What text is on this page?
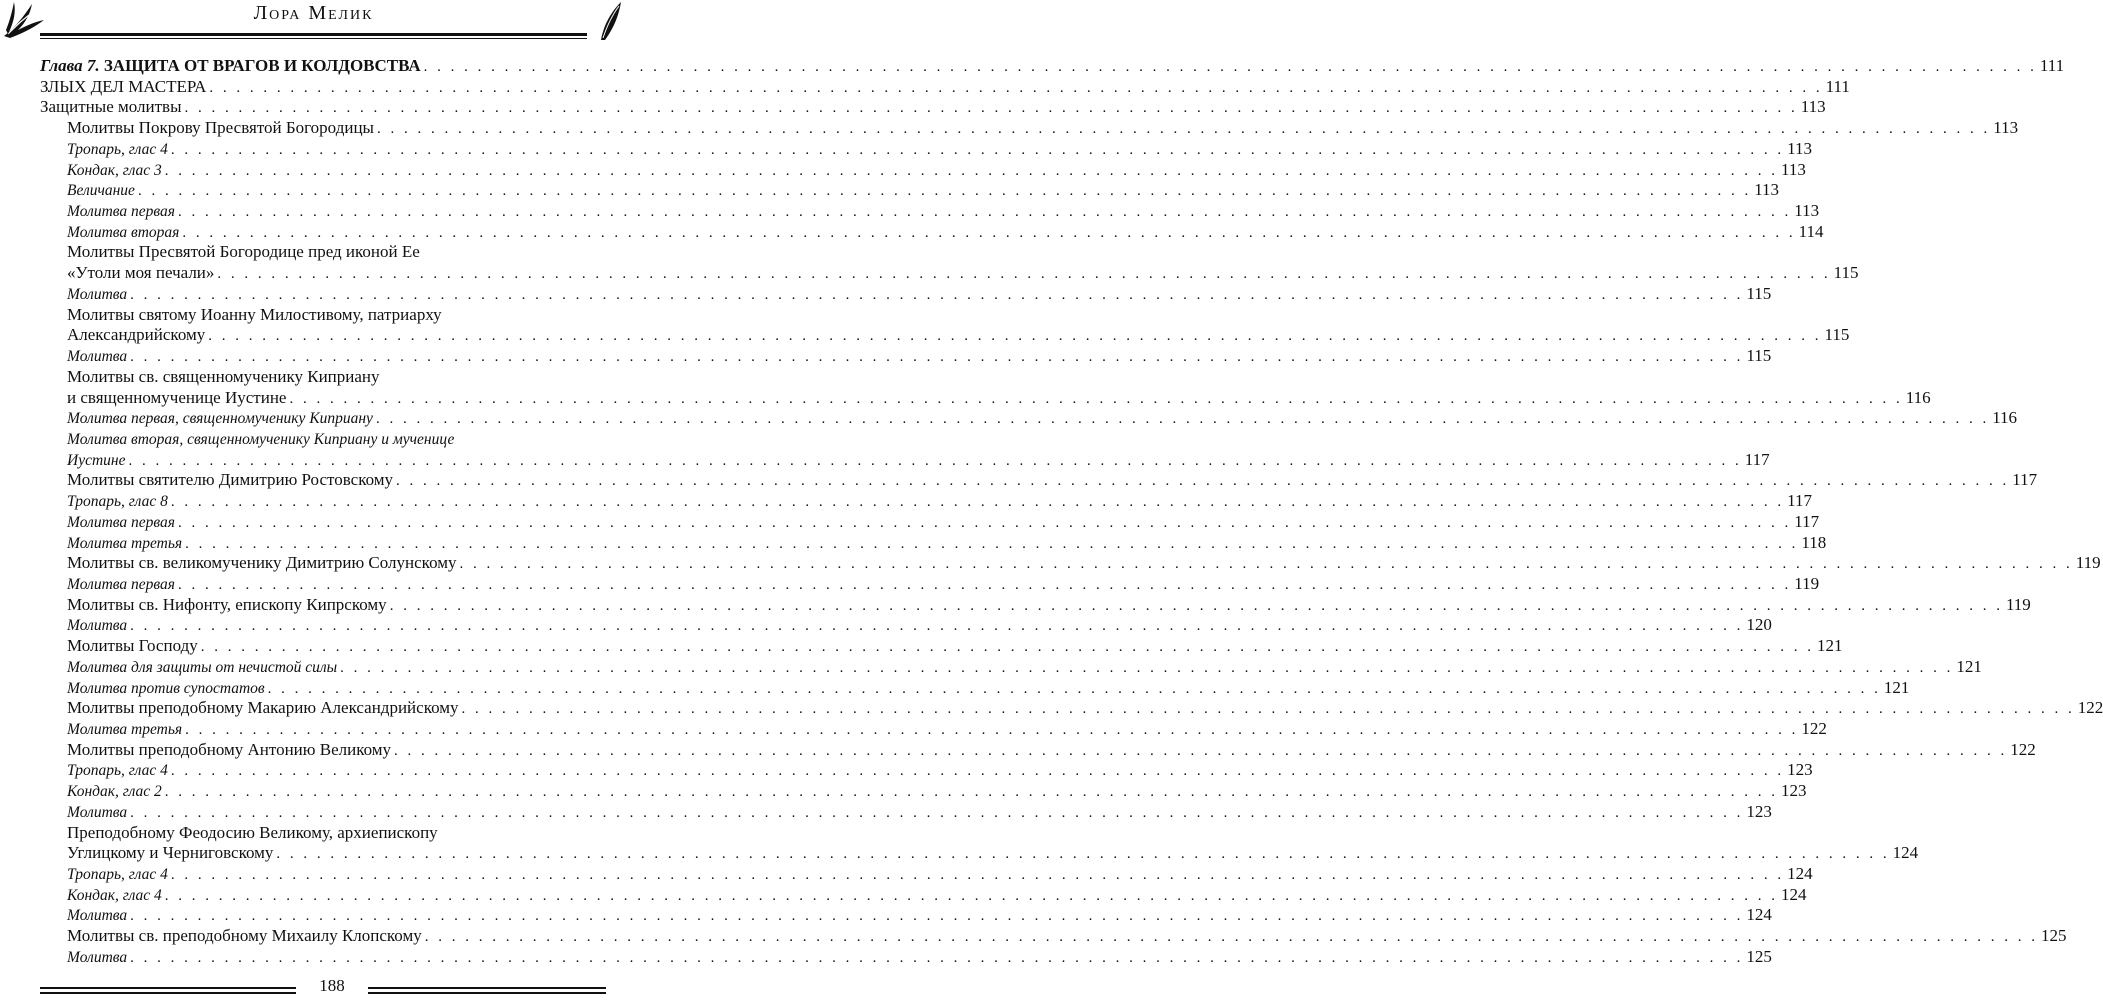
Лора Мелик
Глава 7. ЗАЩИТА ОТ ВРАГОВ И КОЛДОВСТВА . . . . . . . . . . . . . . . . . . . . . . . . . . . . . . . . . . . . . . . . . . . . . . . . . . . . . . . . . . . . . . . . . . . . . . . . . . . . . . . . . . . . . . . . . . . . . . . . . . . . . . . . . . . . . . . . . . . . . . . . 111
ЗЛЫХ ДЕЛ МАСТЕРА . . . . . . . . . . . . . . . . . . . . . . . . . . . . . . . . . . . . . . . . . . . . . . . . . . . . . . . . . . . . . . . . . . . . . . . . . . . . . . . . . . . . . . . . . . . . . . . . . . . . . . . . . . . . . . . . . . . . . . . . 111
Защитные молитвы . . . . . . . . . . . . . . . . . . . . . . . . . . . . . . . . . . . . . . . . . . . . . . . . . . . . . . . . . . . . . . . . . . . . . . . . . . . . . . . . . . . . . . . . . . . . . . . . . . . . . . . . . . . . . . . . . . . . . . . . 113
Молитвы Покрову Пресвятой Богородицы . . . . . . . . . . . . . . . . . . . . . . . . . . . . . . . . . . . . . . . . . . . . . . . . . . . . . . . . . . . . . . . . . . . . . . . . . . . . . . . . . . . . . . . . . . . . . . . . . . . . . . . . . . . . . . . . . . . . . . . . 113
Тропарь, глас 4 . . . . . . . . . . . . . . . . . . . . . . . . . . . . . . . . . . . . . . . . . . . . . . . . . . . . . . . . . . . . . . . . . . . . . . . . . . . . . . . . . . . . . . . . . . . . . . . . . . . . . . . . . . . . . . . . . . . . . . . . 113
Кондак, глас 3 . . . . . . . . . . . . . . . . . . . . . . . . . . . . . . . . . . . . . . . . . . . . . . . . . . . . . . . . . . . . . . . . . . . . . . . . . . . . . . . . . . . . . . . . . . . . . . . . . . . . . . . . . . . . . . . . . . . . . . . . 113
Величание . . . . . . . . . . . . . . . . . . . . . . . . . . . . . . . . . . . . . . . . . . . . . . . . . . . . . . . . . . . . . . . . . . . . . . . . . . . . . . . . . . . . . . . . . . . . . . . . . . . . . . . . . . . . . . . . . . . . . . . . 113
Молитва первая . . . . . . . . . . . . . . . . . . . . . . . . . . . . . . . . . . . . . . . . . . . . . . . . . . . . . . . . . . . . . . . . . . . . . . . . . . . . . . . . . . . . . . . . . . . . . . . . . . . . . . . . . . . . . . . . . . . . . . . . 113
Молитва вторая . . . . . . . . . . . . . . . . . . . . . . . . . . . . . . . . . . . . . . . . . . . . . . . . . . . . . . . . . . . . . . . . . . . . . . . . . . . . . . . . . . . . . . . . . . . . . . . . . . . . . . . . . . . . . . . . . . . . . . . . 114
Молитвы Пресвятой Богородице пред иконой Ее
«Утоли моя печали» . . . . . . . . . . . . . . . . . . . . . . . . . . . . . . . . . . . . . . . . . . . . . . . . . . . . . . . . . . . . . . . . . . . . . . . . . . . . . . . . . . . . . . . . . . . . . . . . . . . . . . . . . . . . . . . . . . . . . . . . 115
Молитва . . . . . . . . . . . . . . . . . . . . . . . . . . . . . . . . . . . . . . . . . . . . . . . . . . . . . . . . . . . . . . . . . . . . . . . . . . . . . . . . . . . . . . . . . . . . . . . . . . . . . . . . . . . . . . . . . . . . . . . . 115
Молитвы святому Иоанну Милостивому, патриарху
Александрийскому . . . . . . . . . . . . . . . . . . . . . . . . . . . . . . . . . . . . . . . . . . . . . . . . . . . . . . . . . . . . . . . . . . . . . . . . . . . . . . . . . . . . . . . . . . . . . . . . . . . . . . . . . . . . . . . . . . . . . . . . 115
Молитва . . . . . . . . . . . . . . . . . . . . . . . . . . . . . . . . . . . . . . . . . . . . . . . . . . . . . . . . . . . . . . . . . . . . . . . . . . . . . . . . . . . . . . . . . . . . . . . . . . . . . . . . . . . . . . . . . . . . . . . . 115
Молитвы св. священномученику Киприану
и священномученице Иустине . . . . . . . . . . . . . . . . . . . . . . . . . . . . . . . . . . . . . . . . . . . . . . . . . . . . . . . . . . . . . . . . . . . . . . . . . . . . . . . . . . . . . . . . . . . . . . . . . . . . . . . . . . . . . . . . . . . . . . . . 116
Молитва первая, священномученику Киприану . . . . . . . . . . . . . . . . . . . . . . . . . . . . . . . . . . . . . . . . . . . . . . . . . . . . . . . . . . . . . . . . . . . . . . . . . . . . . . . . . . . . . . . . . . . . . . . . . . . . . . . . . . . . . . . . . . . . . . . . 116
Молитва вторая, священномученику Киприану и мученице
Иустине . . . . . . . . . . . . . . . . . . . . . . . . . . . . . . . . . . . . . . . . . . . . . . . . . . . . . . . . . . . . . . . . . . . . . . . . . . . . . . . . . . . . . . . . . . . . . . . . . . . . . . . . . . . . . . . . . . . . . . . . 117
Молитвы святителю Димитрию Ростовскому . . . . . . . . . . . . . . . . . . . . . . . . . . . . . . . . . . . . . . . . . . . . . . . . . . . . . . . . . . . . . . . . . . . . . . . . . . . . . . . . . . . . . . . . . . . . . . . . . . . . . . . . . . . . . . . . . . . . . . . . 117
Тропарь, глас 8 . . . . . . . . . . . . . . . . . . . . . . . . . . . . . . . . . . . . . . . . . . . . . . . . . . . . . . . . . . . . . . . . . . . . . . . . . . . . . . . . . . . . . . . . . . . . . . . . . . . . . . . . . . . . . . . . . . . . . . . . 117
Молитва первая . . . . . . . . . . . . . . . . . . . . . . . . . . . . . . . . . . . . . . . . . . . . . . . . . . . . . . . . . . . . . . . . . . . . . . . . . . . . . . . . . . . . . . . . . . . . . . . . . . . . . . . . . . . . . . . . . . . . . . . . 117
Молитва третья . . . . . . . . . . . . . . . . . . . . . . . . . . . . . . . . . . . . . . . . . . . . . . . . . . . . . . . . . . . . . . . . . . . . . . . . . . . . . . . . . . . . . . . . . . . . . . . . . . . . . . . . . . . . . . . . . . . . . . . . 118
Молитвы св. великомученику Димитрию Солунскому . . . . . . . . . . . . . . . . . . . . . . . . . . . . . . . . . . . . . . . . . . . . . . . . . . . . . . . . . . . . . . . . . . . . . . . . . . . . . . . . . . . . . . . . . . . . . . . . . . . . . . . . . . . . . . . . . . . . . . . . 119
Молитва первая . . . . . . . . . . . . . . . . . . . . . . . . . . . . . . . . . . . . . . . . . . . . . . . . . . . . . . . . . . . . . . . . . . . . . . . . . . . . . . . . . . . . . . . . . . . . . . . . . . . . . . . . . . . . . . . . . . . . . . . . 119
Молитвы св. Нифонту, епископу Кипрскому . . . . . . . . . . . . . . . . . . . . . . . . . . . . . . . . . . . . . . . . . . . . . . . . . . . . . . . . . . . . . . . . . . . . . . . . . . . . . . . . . . . . . . . . . . . . . . . . . . . . . . . . . . . . . . . . . . . . . . . . 119
Молитва . . . . . . . . . . . . . . . . . . . . . . . . . . . . . . . . . . . . . . . . . . . . . . . . . . . . . . . . . . . . . . . . . . . . . . . . . . . . . . . . . . . . . . . . . . . . . . . . . . . . . . . . . . . . . . . . . . . . . . . . 120
Молитвы Господу . . . . . . . . . . . . . . . . . . . . . . . . . . . . . . . . . . . . . . . . . . . . . . . . . . . . . . . . . . . . . . . . . . . . . . . . . . . . . . . . . . . . . . . . . . . . . . . . . . . . . . . . . . . . . . . . . . . . . . . . 121
Молитва для защиты от нечистой силы . . . . . . . . . . . . . . . . . . . . . . . . . . . . . . . . . . . . . . . . . . . . . . . . . . . . . . . . . . . . . . . . . . . . . . . . . . . . . . . . . . . . . . . . . . . . . . . . . . . . . . . . . . . . . . . . . . . . . . . . 121
Молитва против супостатов . . . . . . . . . . . . . . . . . . . . . . . . . . . . . . . . . . . . . . . . . . . . . . . . . . . . . . . . . . . . . . . . . . . . . . . . . . . . . . . . . . . . . . . . . . . . . . . . . . . . . . . . . . . . . . . . . . . . . . . . 121
Молитвы преподобному Макарию Александрийскому . . . . . . . . . . . . . . . . . . . . . . . . . . . . . . . . . . . . . . . . . . . . . . . . . . . . . . . . . . . . . . . . . . . . . . . . . . . . . . . . . . . . . . . . . . . . . . . . . . . . . . . . . . . . . . . . . . . . . . . . 122
Молитва третья . . . . . . . . . . . . . . . . . . . . . . . . . . . . . . . . . . . . . . . . . . . . . . . . . . . . . . . . . . . . . . . . . . . . . . . . . . . . . . . . . . . . . . . . . . . . . . . . . . . . . . . . . . . . . . . . . . . . . . . . 122
Молитвы преподобному Антонию Великому . . . . . . . . . . . . . . . . . . . . . . . . . . . . . . . . . . . . . . . . . . . . . . . . . . . . . . . . . . . . . . . . . . . . . . . . . . . . . . . . . . . . . . . . . . . . . . . . . . . . . . . . . . . . . . . . . . . . . . . . 122
Тропарь, глас 4 . . . . . . . . . . . . . . . . . . . . . . . . . . . . . . . . . . . . . . . . . . . . . . . . . . . . . . . . . . . . . . . . . . . . . . . . . . . . . . . . . . . . . . . . . . . . . . . . . . . . . . . . . . . . . . . . . . . . . . . . 123
Кондак, глас 2 . . . . . . . . . . . . . . . . . . . . . . . . . . . . . . . . . . . . . . . . . . . . . . . . . . . . . . . . . . . . . . . . . . . . . . . . . . . . . . . . . . . . . . . . . . . . . . . . . . . . . . . . . . . . . . . . . . . . . . . . 123
Молитва . . . . . . . . . . . . . . . . . . . . . . . . . . . . . . . . . . . . . . . . . . . . . . . . . . . . . . . . . . . . . . . . . . . . . . . . . . . . . . . . . . . . . . . . . . . . . . . . . . . . . . . . . . . . . . . . . . . . . . . . 123
Преподобному Феодосию Великому, архиепископу
Углицкому и Черниговскому . . . . . . . . . . . . . . . . . . . . . . . . . . . . . . . . . . . . . . . . . . . . . . . . . . . . . . . . . . . . . . . . . . . . . . . . . . . . . . . . . . . . . . . . . . . . . . . . . . . . . . . . . . . . . . . . . . . . . . . . 124
Тропарь, глас 4 . . . . . . . . . . . . . . . . . . . . . . . . . . . . . . . . . . . . . . . . . . . . . . . . . . . . . . . . . . . . . . . . . . . . . . . . . . . . . . . . . . . . . . . . . . . . . . . . . . . . . . . . . . . . . . . . . . . . . . . . 124
Кондак, глас 4 . . . . . . . . . . . . . . . . . . . . . . . . . . . . . . . . . . . . . . . . . . . . . . . . . . . . . . . . . . . . . . . . . . . . . . . . . . . . . . . . . . . . . . . . . . . . . . . . . . . . . . . . . . . . . . . . . . . . . . . . 124
Молитва . . . . . . . . . . . . . . . . . . . . . . . . . . . . . . . . . . . . . . . . . . . . . . . . . . . . . . . . . . . . . . . . . . . . . . . . . . . . . . . . . . . . . . . . . . . . . . . . . . . . . . . . . . . . . . . . . . . . . . . . 124
Молитвы св. преподобному Михаилу Клопскому . . . . . . . . . . . . . . . . . . . . . . . . . . . . . . . . . . . . . . . . . . . . . . . . . . . . . . . . . . . . . . . . . . . . . . . . . . . . . . . . . . . . . . . . . . . . . . . . . . . . . . . . . . . . . . . . . . . . . . . . 125
Молитва . . . . . . . . . . . . . . . . . . . . . . . . . . . . . . . . . . . . . . . . . . . . . . . . . . . . . . . . . . . . . . . . . . . . . . . . . . . . . . . . . . . . . . . . . . . . . . . . . . . . . . . . . . . . . . . . . . . . . . . . 125
188
